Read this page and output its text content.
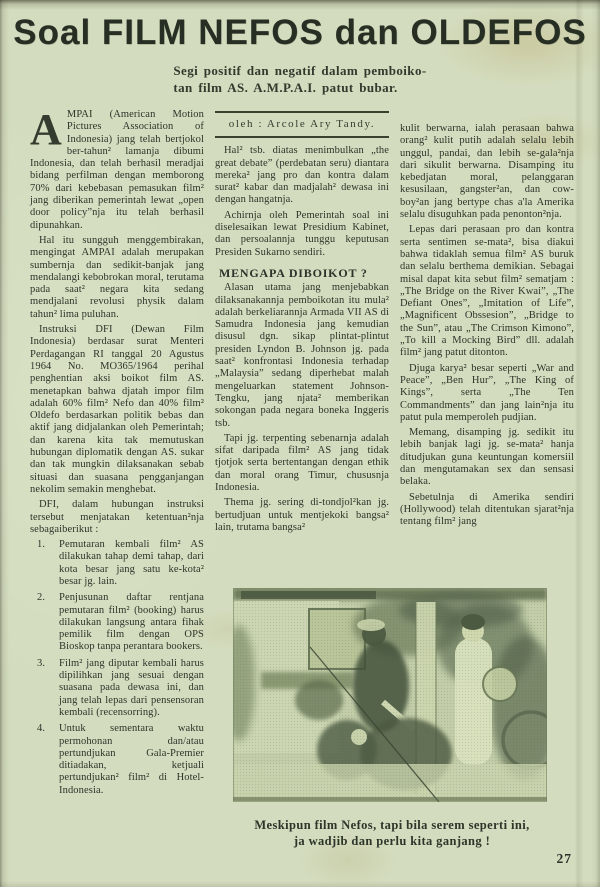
Soal FILM NEFOS dan OLDEFOS
Segi positif dan negatif dalam pemboiko-
tan film AS. A.M.P.A.I. patut bubar.

AMPAI (American Motion Pictures Association of Indonesia) jang telah bertjokol ber-tahun² lamanja dibumi Indonesia, dan telah berhasil meradjai bidang perfilman dengan memborong 70% dari kebebasan pemasukan film² jang diberikan pemerintah lewat „open door policy”nja itu telah berhasil dipunahkan.

Hal itu sungguh menggembirakan, mengingat AMPAI adalah merupakan sumbernja dan sedikit-banjak jang mendalangi kebobrokan moral, terutama pada saat² negara kita sedang mendjalani revolusi physik dalam tahun² lima puluhan.

Instruksi DFI (Dewan Film Indonesia) berdasar surat Menteri Perdagangan RI tanggal 20 Agustus 1964 No. MO365/1964 perihal penghentian aksi boikot film AS. menetapkan bahwa djatah impor film adalah 60% film² Nefo dan 40% film² Oldefo berdasarkan politik bebas dan aktif jang didjalankan oleh Pemerintah; dan karena kita tak memutuskan hubungan diplomatik dengan AS. sukar dan tak mungkin dilaksanakan sebab situasi dan suasana pengganjangan nekolim semakin menghebat.

DFI, dalam hubungan instruksi tersebut menjatakan ketentuan²nja sebagaiberikut :

1.	Pemutaran kembali film² AS dilakukan tahap demi tahap, dari kota besar jang satu ke-kota² besar jg. lain.
2.	Penjusunan daftar rentjana pemutaran film² (booking) harus dilakukan langsung antara fihak pemilik film dengan OPS Bioskop tanpa perantara bookers.
3.	Film² jang diputar kembali harus dipilihkan jang sesuai dengan suasana pada dewasa ini, dan jang telah lepas dari pensensoran kembali (recensorring).
4.	Untuk sementara waktu permohonan dan/atau pertundjukan Gala-Premier ditiadakan, ketjuali pertundjukan² film² di Hotel-Indonesia.
oleh : Arcole Ary Tandy.

Hal² tsb. diatas menimbulkan „the great debate” (perdebatan seru) diantara mereka² jang pro dan kontra dalam surat² kabar dan madjalah² dewasa ini dengan hangatnja.

Achirnja oleh Pemerintah soal ini diselesaikan lewat Presidium Kabinet, dan persoalannja tunggu keputusan Presiden Sukarno sendiri.

MENGAPA DIBOIKOT ?

Alasan utama jang menjebabkan dilaksanakannja pemboikotan itu mula² adalah berkeliarannja Armada VII AS di Samudra Indonesia jang kemudian disusul dgn. sikap plintat-plintut presiden Lyndon B. Johnson jg. pada saat² konfrontasi Indonesia terhadap „Malaysia” sedang diperhebat malah mengeluarkan statement Johnson-Tengku, jang njata² memberikan sokongan pada negara boneka Inggeris tsb.

Tapi jg. terpenting sebenarnja adalah sifat daripada film² AS jang tidak tjotjok serta bertentangan dengan ethik dan moral orang Timur, chususnja Indonesia.

Thema jg. sering di-tondjol²kan jg. bertudjuan untuk mentjekoki bangsa² lain, trutama bangsa²

kulit berwarna, ialah perasaan bahwa orang² kulit putih adalah selalu lebih unggul, pandai, dan lebih se-gala²nja dari sikulit berwarna. Disamping itu kebedjatan moral, pelanggaran kesusilaan, gangster²an, dan cow-boy²an jang bertype chas a'la Amerika selalu disuguhkan pada penonton²nja.

Lepas dari perasaan pro dan kontra serta sentimen se-mata², bisa diakui bahwa tidaklah semua film² AS buruk dan selalu berthema demikian. Sebagai misal dapat kita sebut film² sematjam : „The Bridge on the River Kwai”, „The Defiant Ones”, „Imitation of Life”, „Magnificent Obssesion”, „Bridge to the Sun”, atau „The Crimson Kimono”, „To kill a Mocking Bird” dll. adalah film² jang patut ditonton.

Djuga karya² besar seperti „War and Peace”, „Ben Hur”, „The King of Kings”, serta „The Ten Commandments” dan jang lain²nja itu patut pula memperoleh pudjian.

Memang, disamping jg. sedikit itu lebih banjak lagi jg. se-mata² hanja ditudjukan guna keuntungan komersiil dan mengutamakan sex dan sensasi belaka.

Sebetulnja di Amerika sendiri (Hollywood) telah ditentukan sjarat²nja tentang film² jang

Meskipun film Nefos, tapi bila serem seperti ini,
ja wadjib dan perlu kita ganjang !
27
